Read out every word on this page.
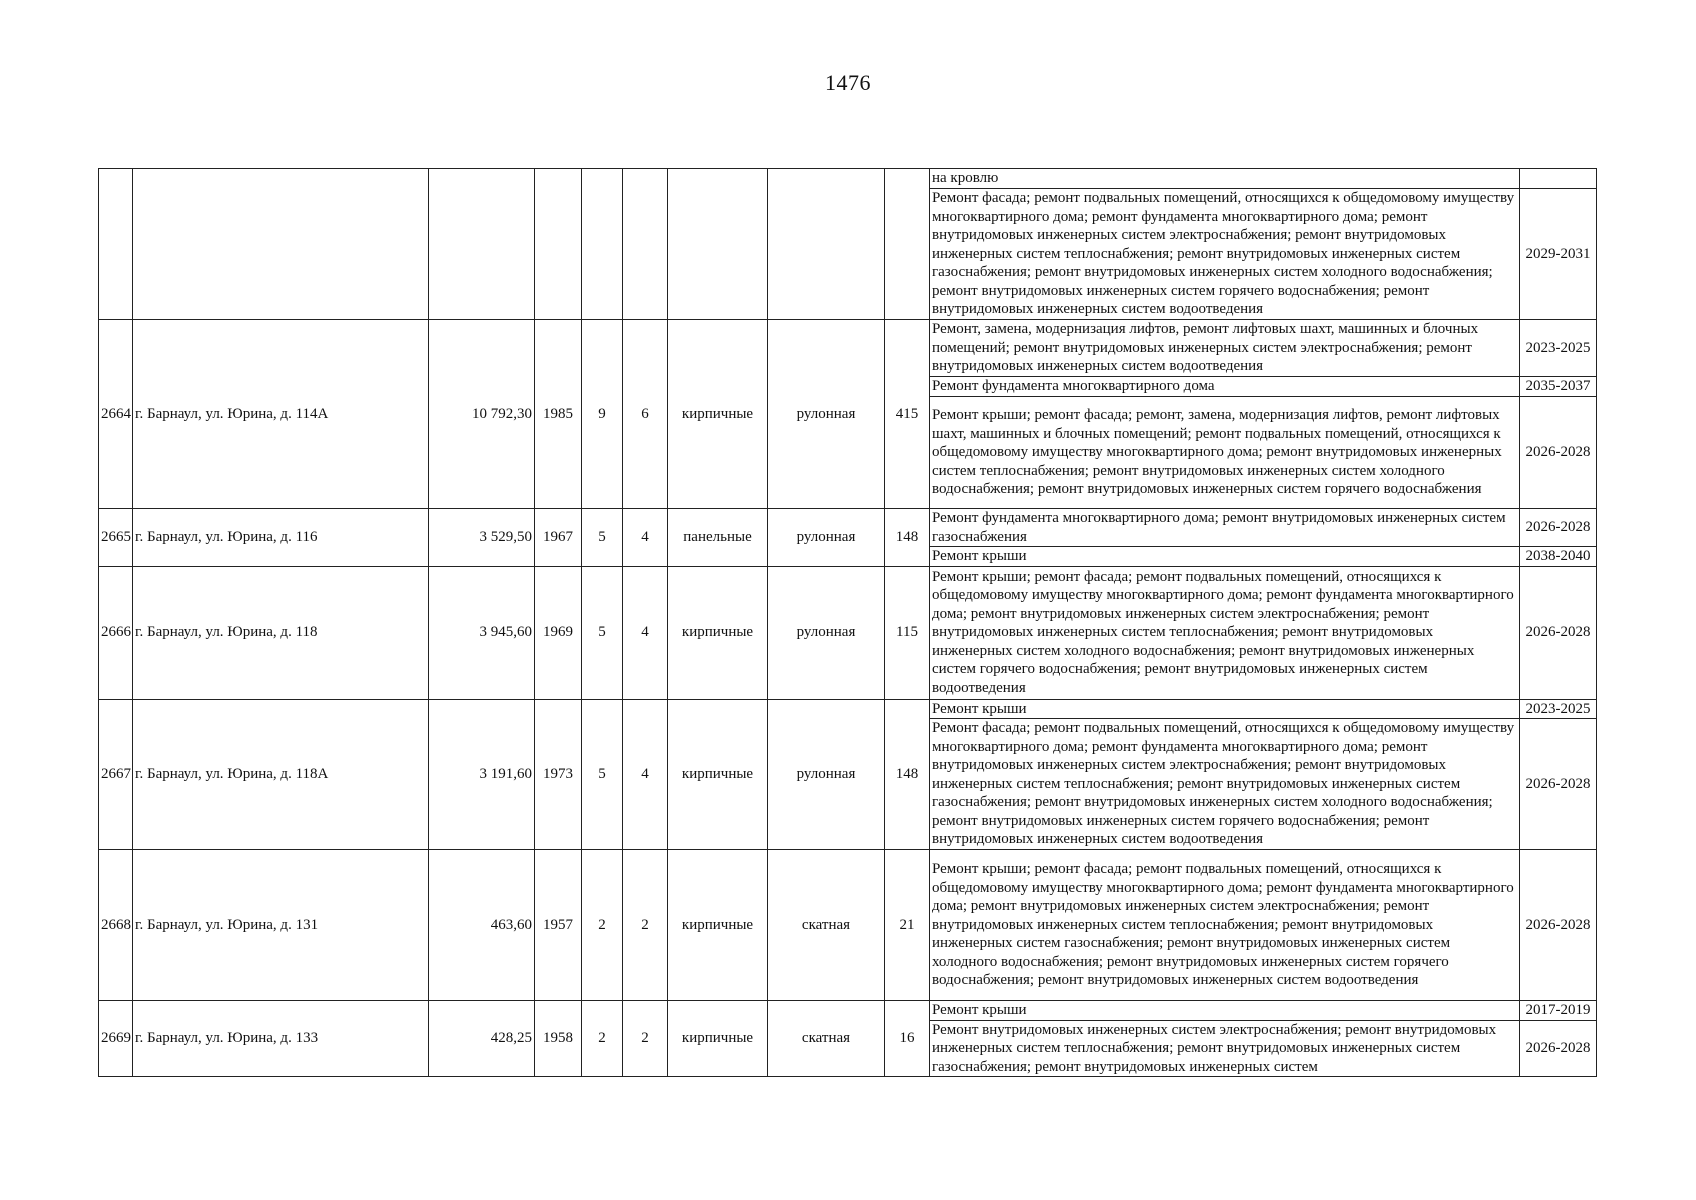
1476
									на кровлю	
									Ремонт фасада; ремонт подвальных помещений, относящихся к общедомовому имуществу многоквартирного дома; ремонт фундамента многоквартирного дома; ремонт внутридомовых инженерных систем электроснабжения; ремонт внутридомовых инженерных систем теплоснабжения; ремонт внутридомовых инженерных систем газоснабжения; ремонт внутридомовых инженерных систем холодного водоснабжения; ремонт внутридомовых инженерных систем горячего водоснабжения; ремонт внутридомовых инженерных систем водоотведения	2029-2031
2664	г. Барнаул, ул. Юрина, д. 114А	10 792,30	1985	9	6	кирпичные	рулонная	415	Ремонт, замена, модернизация лифтов, ремонт лифтовых шахт, машинных и блочных помещений; ремонт внутридомовых инженерных систем электроснабжения; ремонт внутридомовых инженерных систем водоотведения	2023-2025
									Ремонт фундамента многоквартирного дома	2035-2037
									Ремонт крыши; ремонт фасада; ремонт, замена, модернизация лифтов, ремонт лифтовых шахт, машинных и блочных помещений; ремонт подвальных помещений, относящихся к общедомовому имуществу многоквартирного дома; ремонт внутридомовых инженерных систем теплоснабжения; ремонт внутридомовых инженерных систем холодного водоснабжения; ремонт внутридомовых инженерных систем горячего водоснабжения	2026-2028
2665	г. Барнаул, ул. Юрина, д. 116	3 529,50	1967	5	4	панельные	рулонная	148	Ремонт фундамента многоквартирного дома; ремонт внутридомовых инженерных систем газоснабжения	2026-2028
									Ремонт крыши	2038-2040
2666	г. Барнаул, ул. Юрина, д. 118	3 945,60	1969	5	4	кирпичные	рулонная	115	Ремонт крыши; ремонт фасада; ремонт подвальных помещений, относящихся к общедомовому имуществу многоквартирного дома; ремонт фундамента многоквартирного дома; ремонт внутридомовых инженерных систем электроснабжения; ремонт внутридомовых инженерных систем теплоснабжения; ремонт внутридомовых инженерных систем холодного водоснабжения; ремонт внутридомовых инженерных систем горячего водоснабжения; ремонт внутридомовых инженерных систем водоотведения	2026-2028
2667	г. Барнаул, ул. Юрина, д. 118А	3 191,60	1973	5	4	кирпичные	рулонная	148	Ремонт крыши	2023-2025
									Ремонт фасада; ремонт подвальных помещений, относящихся к общедомовому имуществу многоквартирного дома; ремонт фундамента многоквартирного дома; ремонт внутридомовых инженерных систем электроснабжения; ремонт внутридомовых инженерных систем теплоснабжения; ремонт внутридомовых инженерных систем газоснабжения; ремонт внутридомовых инженерных систем холодного водоснабжения; ремонт внутридомовых инженерных систем горячего водоснабжения; ремонт внутридомовых инженерных систем водоотведения	2026-2028
2668	г. Барнаул, ул. Юрина, д. 131	463,60	1957	2	2	кирпичные	скатная	21	Ремонт крыши; ремонт фасада; ремонт подвальных помещений, относящихся к общедомовому имуществу многоквартирного дома; ремонт фундамента многоквартирного дома; ремонт внутридомовых инженерных систем электроснабжения; ремонт внутридомовых инженерных систем теплоснабжения; ремонт внутридомовых инженерных систем газоснабжения; ремонт внутридомовых инженерных систем холодного водоснабжения; ремонт внутридомовых инженерных систем горячего водоснабжения; ремонт внутридомовых инженерных систем водоотведения	2026-2028
2669	г. Барнаул, ул. Юрина, д. 133	428,25	1958	2	2	кирпичные	скатная	16	Ремонт крыши	2017-2019
									Ремонт внутридомовых инженерных систем электроснабжения; ремонт внутридомовых инженерных систем теплоснабжения; ремонт внутридомовых инженерных систем газоснабжения; ремонт внутридомовых инженерных систем	2026-2028
